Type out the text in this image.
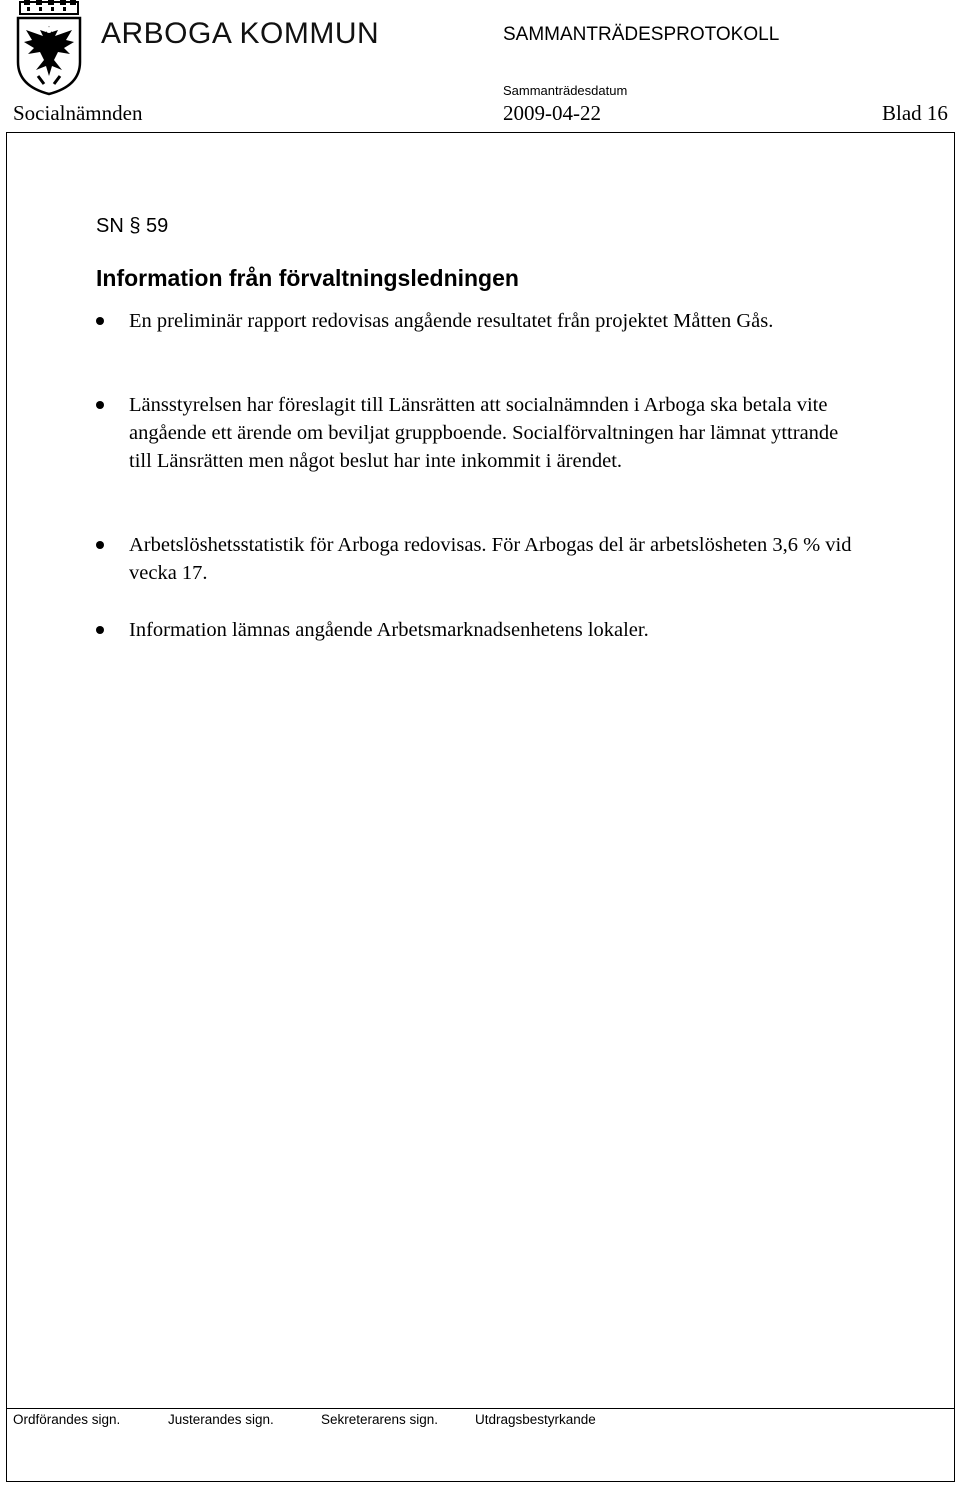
ARBOGA KOMMUN	SAMMANTRÄDESPROTOKOLL
Sammanträdesdatum
Socialnämnden	2009-04-22	Blad 16
SN § 59
Information från förvaltningsledningen
En preliminär rapport redovisas angående resultatet från projektet Måtten Gås.
Länsstyrelsen har föreslagit till Länsrätten att socialnämnden i Arboga ska betala vite angående ett ärende om beviljat gruppboende. Socialförvaltningen har lämnat yttrande till Länsrätten men något beslut har inte inkommit i ärendet.
Arbetslöshetsstatistik för Arboga redovisas. För Arbogas del är arbetslösheten 3,6 % vid vecka 17.
Information lämnas angående Arbetsmarknadsenhetens lokaler.
Ordförandes sign.	Justerandes sign.	Sekreterarens sign.	Utdragsbestyrkande
